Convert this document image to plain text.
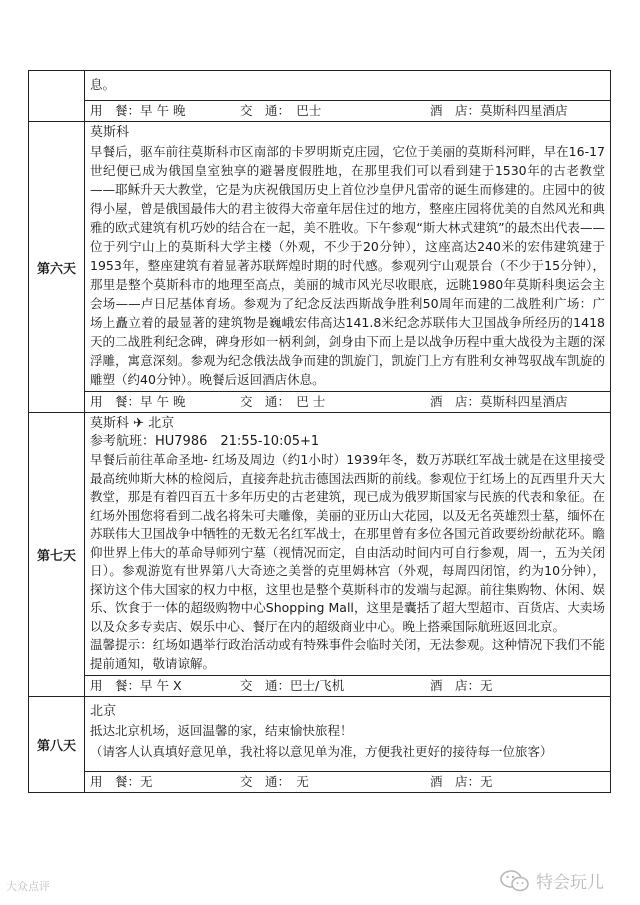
	息。

	用　餐：早 午 晚 交　通：　巴士 酒　店：莫斯科四星酒店

第六天	莫斯科
早餐后，驱车前往莫斯科市区南部的卡罗明斯克庄园，它位于美丽的莫斯科河畔，早在16-17世纪便已成为俄国皇室独享的避暑度假胜地，在那里我们可以看到建于1530年的古老教堂——耶稣升天大教堂，它是为庆祝俄国历史上首位沙皇伊凡雷帝的诞生而修建的。庄园中的彼得小屋，曾是俄国最伟大的君主彼得大帝童年居住过的地方，整座庄园将优美的自然风光和典雅的欧式建筑有机巧妙的结合在一起，美不胜收。下午参观“斯大林式建筑”的最杰出代表——位于列宁山上的莫斯科大学主楼（外观，不少于20分钟），这座高达240米的宏伟建筑建于1953年，整座建筑有着显著苏联辉煌时期的时代感。参观列宁山观景台（不少于15分钟），那里是整个莫斯科市的地理至高点，美丽的城市风光尽收眼底，远眺1980年莫斯科奥运会主会场——卢日尼基体育场。参观为了纪念反法西斯战争胜利50周年而建的二战胜利广场：广场上矗立着的最显著的建筑物是巍峨宏伟高达141.8米纪念苏联伟大卫国战争所经历的1418天的二战胜利纪念碑，碑身形如一柄利剑，剑身由下而上是以战争历程中重大战役为主题的深浮雕，寓意深刻。参观为纪念俄法战争而建的凯旋门，凯旋门上方有胜利女神驾驭战车凯旋的雕塑（约40分钟）。晚餐后返回酒店休息。

	用　餐：早 午 晚 交　通：　巴 士 酒　店：莫斯科四星酒店

第七天	莫斯科 ✈ 北京
参考航班：HU7986　21:55-10:05+1
早餐后前往革命圣地- 红场及周边（约1小时）1939年冬，数万苏联红军战士就是在这里接受最高统帅斯大林的检阅后，直接奔赴抗击德国法西斯的前线。参观位于红场上的瓦西里升天大教堂，那是有着四百五十多年历史的古老建筑，现已成为俄罗斯国家与民族的代表和象征。在红场外围您将看到二战名将朱可夫雕像，美丽的亚历山大花园，以及无名英雄烈士墓，缅怀在苏联伟大卫国战争中牺牲的无数无名红军战士，在那里曾有多位各国元首政要纷纷献花环。瞻仰世界上伟大的革命导师列宁墓（视情况而定，自由活动时间内可自行参观，周一，五为关闭日）。参观游览有世界第八大奇迹之美誉的克里姆林宫（外观，每周四闭馆，约为10分钟），探访这个伟大国家的权力中枢，这里也是整个莫斯科市的发端与起源。前往集购物、休闲、娱乐、饮食于一体的超级购物中心Shopping Mall，这里是囊括了超大型超市、百货店、大卖场以及众多专卖店、娱乐中心、餐厅在内的超级商业中心。晚上搭乘国际航班返回北京。
温馨提示：红场如遇举行政治活动或有特殊事件会临时关闭，无法参观。这种情况下我们不能提前通知，敬请谅解。

	用　餐：早 午 X 交　通：巴士/飞机 酒　店：无

第八天	北京
抵达北京机场，返回温馨的家，结束愉快旅程！
（请客人认真填好意见单，我社将以意见单为准，方便我社更好的接待每一位旅客）

	用　餐：无 交　通：　无 酒　店：无
大众点评	特会玩儿
